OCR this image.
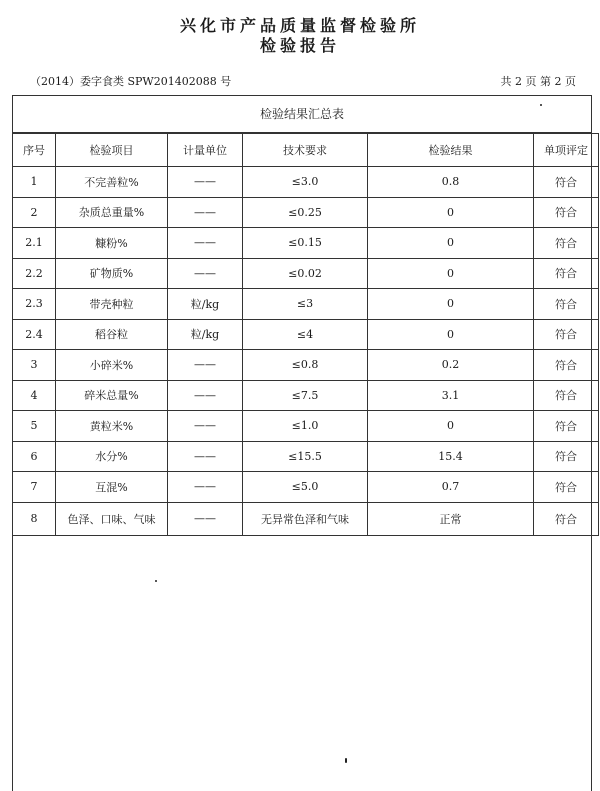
兴化市产品质量监督检验所
检验报告
（2014）委字食类 SPW201402088 号	共 2 页 第 2 页
检验结果汇总表
序号	检验项目	计量单位	技术要求	检验结果	单项评定
1	不完善粒%	——	≤3.0	0.8	符合
2	杂质总重量%	——	≤0.25	0	符合
2.1	糠粉%	——	≤0.15	0	符合
2.2	矿物质%	——	≤0.02	0	符合
2.3	带壳种粒	粒/kg	≤3	0	符合
2.4	稻谷粒	粒/kg	≤4	0	符合
3	小碎米%	——	≤0.8	0.2	符合
4	碎米总量%	——	≤7.5	3.1	符合
5	黄粒米%	——	≤1.0	0	符合
6	水分%	——	≤15.5	15.4	符合
7	互混%	——	≤5.0	0.7	符合
8	色泽、口味、气味	——	无异常色泽和气味	正常	符合
